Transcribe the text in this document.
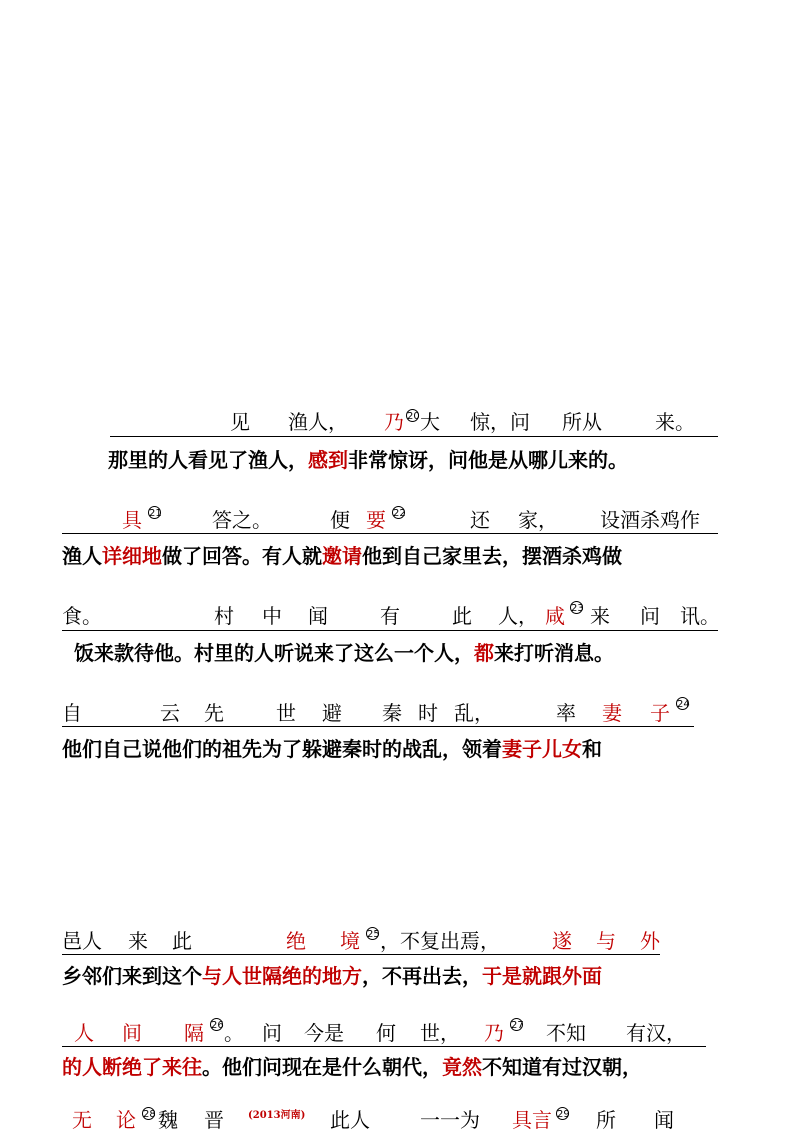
见 渔人， 乃 20 大 惊，问 所从	来。
那里的人看见了渔人，感到非常惊讶，问他是从哪儿来的。
具 21	答之。	便 要 22	还 家， 设酒杀鸡作
渔人详细地做了回答。有人就邀请他到自己家里去，摆酒杀鸡做
食。	村 中 闻	有	此 人， 咸 23 来 问 讯。
饭来款待他。村里的人听说来了这么一个人，都来打听消息。
自	云 先	世 避 秦 时 乱，	率 妻 子 24
他们自己说他们的祖先为了躲避秦时的战乱，领着妻子儿女和
邑人 来 此	绝 境 25 ，不复出焉，	遂 与 外
乡邻们来到这个与人世隔绝的地方，不再出去，于是就跟外面
人 间 隔 26 。 问 今是 何 世， 乃 27 不知 有汉，
的人断绝了来往。他们问现在是什么朝代，竟然不知道有过汉朝，
无 论 28 魏 晋 (2013河南) 此人	一一为 具言 29 所 闻
